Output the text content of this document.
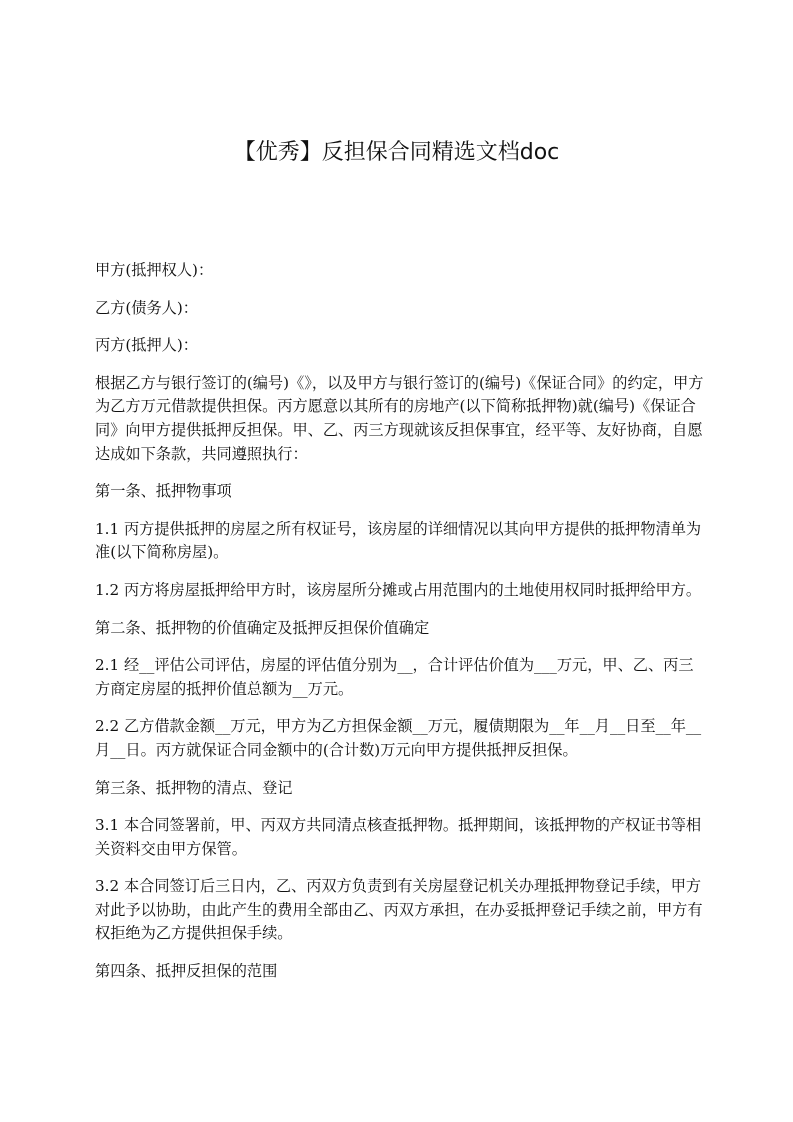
【优秀】反担保合同精选文档doc

甲方(抵押权人)：

乙方(债务人)：

丙方(抵押人)：

根据乙方与银行签订的(编号)《》，以及甲方与银行签订的(编号)《保证合同》的约定，甲方为乙方万元借款提供担保。丙方愿意以其所有的房地产(以下简称抵押物)就(编号)《保证合同》向甲方提供抵押反担保。甲、乙、丙三方现就该反担保事宜，经平等、友好协商，自愿达成如下条款，共同遵照执行：

第一条、抵押物事项

1.1 丙方提供抵押的房屋之所有权证号，该房屋的详细情况以其向甲方提供的抵押物清单为准(以下简称房屋)。

1.2 丙方将房屋抵押给甲方时，该房屋所分摊或占用范围内的土地使用权同时抵押给甲方。

第二条、抵押物的价值确定及抵押反担保价值确定

2.1 经__评估公司评估，房屋的评估值分别为__，合计评估价值为___万元，甲、乙、丙三方商定房屋的抵押价值总额为__万元。

2.2 乙方借款金额__万元，甲方为乙方担保金额__万元，履债期限为__年__月__日至__年__月__日。丙方就保证合同金额中的(合计数)万元向甲方提供抵押反担保。

第三条、抵押物的清点、登记

3.1 本合同签署前，甲、丙双方共同清点核查抵押物。抵押期间，该抵押物的产权证书等相关资料交由甲方保管。

3.2 本合同签订后三日内，乙、丙双方负责到有关房屋登记机关办理抵押物登记手续，甲方对此予以协助，由此产生的费用全部由乙、丙双方承担，在办妥抵押登记手续之前，甲方有权拒绝为乙方提供担保手续。

第四条、抵押反担保的范围
